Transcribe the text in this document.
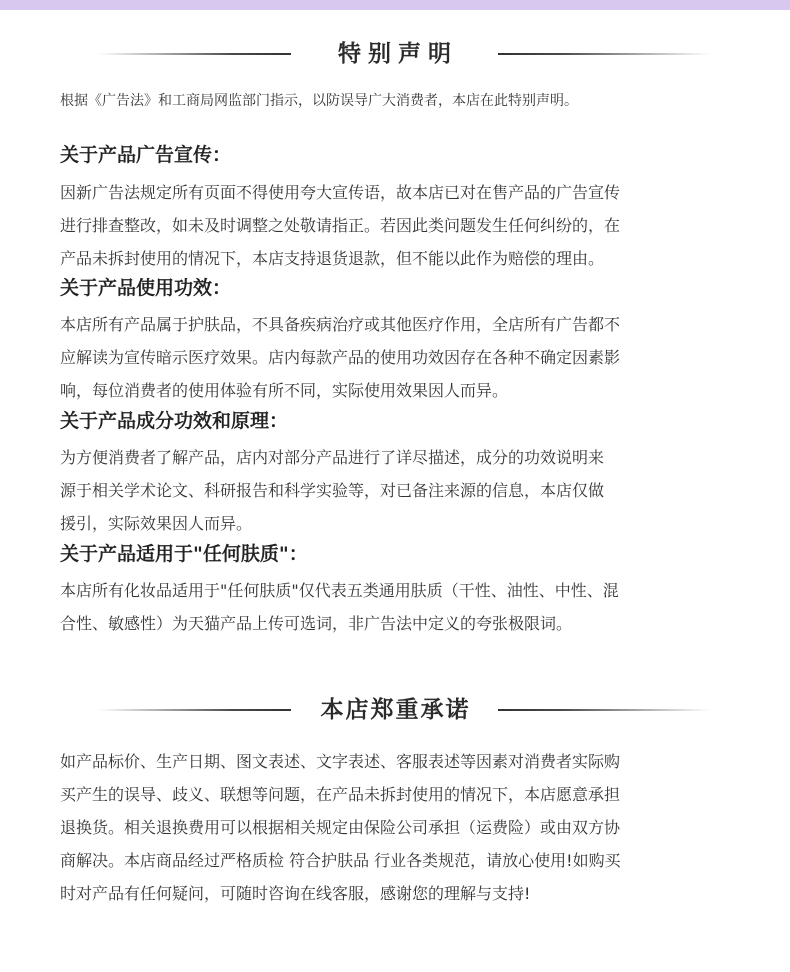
特别声明
根据《广告法》和工商局网监部门指示，以防误导广大消费者，本店在此特别声明。
关于产品广告宣传：
因新广告法规定所有页面不得使用夸大宣传语，故本店已对在售产品的广告宣传
进行排查整改，如未及时调整之处敬请指正。若因此类问题发生任何纠纷的，在
产品未拆封使用的情况下，本店支持退货退款，但不能以此作为赔偿的理由。
关于产品使用功效：
本店所有产品属于护肤品，不具备疾病治疗或其他医疗作用，全店所有广告都不
应解读为宣传暗示医疗效果。店内每款产品的使用功效因存在各种不确定因素影
响，每位消费者的使用体验有所不同，实际使用效果因人而异。
关于产品成分功效和原理：
为方便消费者了解产品，店内对部分产品进行了详尽描述，成分的功效说明来
源于相关学术论文、科研报告和科学实验等，对已备注来源的信息，本店仅做
援引，实际效果因人而异。
关于产品适用于"任何肤质"：
本店所有化妆品适用于"任何肤质"仅代表五类通用肤质（干性、油性、中性、混
合性、敏感性）为天猫产品上传可选词，非广告法中定义的夸张极限词。
本店郑重承诺
如产品标价、生产日期、图文表述、文字表述、客服表述等因素对消费者实际购
买产生的误导、歧义、联想等问题，在产品未拆封使用的情况下，本店愿意承担
退换货。相关退换费用可以根据相关规定由保险公司承担（运费险）或由双方协
商解决。本店商品经过严格质检 符合护肤品 行业各类规范，请放心使用!如购买
时对产品有任何疑问，可随时咨询在线客服，感谢您的理解与支持!
